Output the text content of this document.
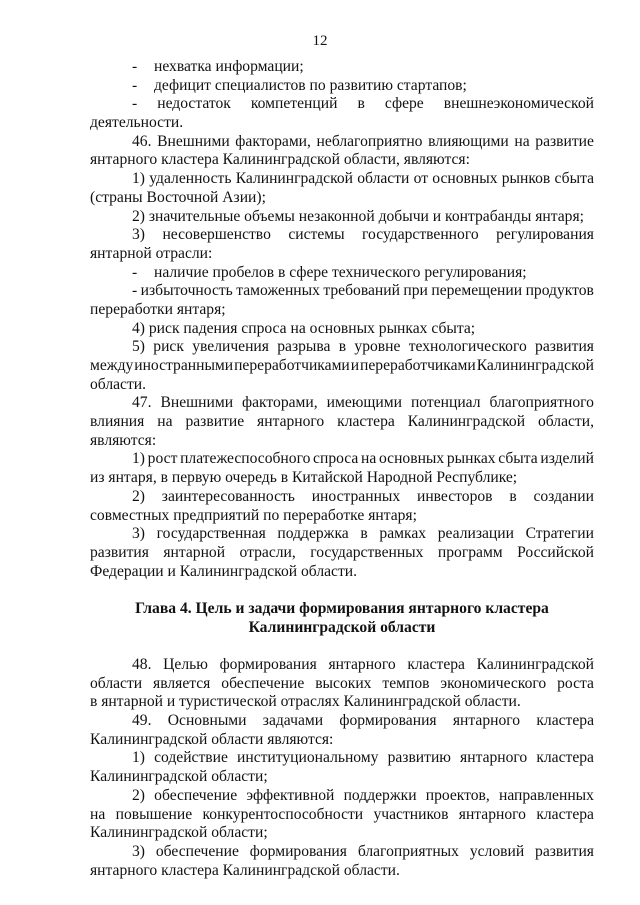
12
- нехватка информации;
- дефицит специалистов по развитию стартапов;
- недостаток компетенций в сфере внешнеэкономической
деятельности.
46. Внешними факторами, неблагоприятно влияющими на развитие
янтарного кластера Калининградской области, являются:
1) удаленность Калининградской области от основных рынков сбыта
(страны Восточной Азии);
2) значительные объемы незаконной добычи и контрабанды янтаря;
3) несовершенство системы государственного регулирования
янтарной отрасли:
- наличие пробелов в сфере технического регулирования;
- избыточность таможенных требований при перемещении продуктов
переработки янтаря;
4) риск падения спроса на основных рынках сбыта;
5) риск увеличения разрыва в уровне технологического развития
между иностранными переработчиками и переработчиками Калининградской
области.
47. Внешними факторами, имеющими потенциал благоприятного
влияния на развитие янтарного кластера Калининградской области,
являются:
1) рост платежеспособного спроса на основных рынках сбыта изделий
из янтаря, в первую очередь в Китайской Народной Республике;
2) заинтересованность иностранных инвесторов в создании
совместных предприятий по переработке янтаря;
3) государственная поддержка в рамках реализации Стратегии
развития янтарной отрасли, государственных программ Российской
Федерации и Калининградской области.
Глава 4. Цель и задачи формирования янтарного кластера
Калининградской области
48. Целью формирования янтарного кластера Калининградской
области является обеспечение высоких темпов экономического роста
в янтарной и туристической отраслях Калининградской области.
49. Основными задачами формирования янтарного кластера
Калининградской области являются:
1) содействие институциональному развитию янтарного кластера
Калининградской области;
2) обеспечение эффективной поддержки проектов, направленных
на повышение конкурентоспособности участников янтарного кластера
Калининградской области;
3) обеспечение формирования благоприятных условий развития
янтарного кластера Калининградской области.
